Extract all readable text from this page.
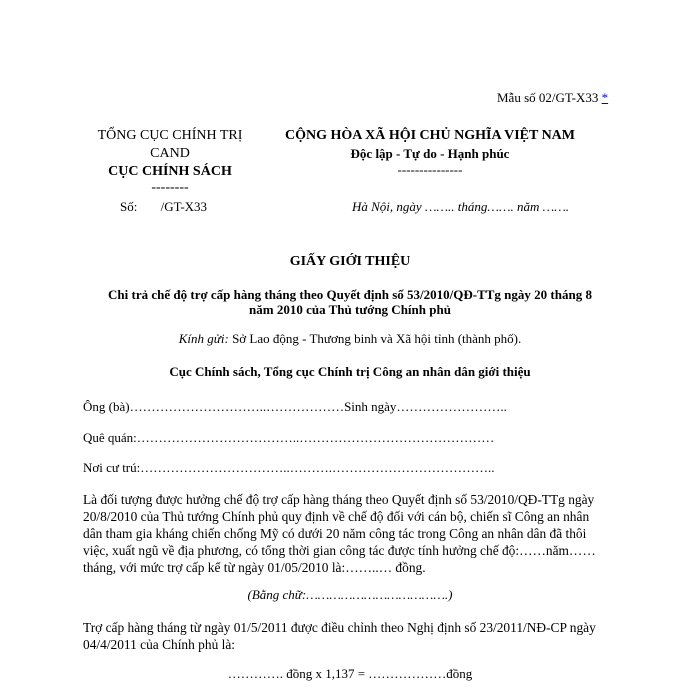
Mẫu số 02/GT-X33 *
TỔNG CỤC CHÍNH TRỊ
CAND
CỤC CHÍNH SÁCH
--------
CỘNG HÒA XÃ HỘI CHỦ NGHĨA VIỆT NAM
Độc lập - Tự do - Hạnh phúc
---------------
Số: /GT-X33	Hà Nội, ngày …….. tháng……. năm …….
GIẤY GIỚI THIỆU
Chi trả chế độ trợ cấp hàng tháng theo Quyết định số 53/2010/QĐ-TTg ngày 20 tháng 8
năm 2010 của Thủ tướng Chính phủ
Kính gửi: Sở Lao động - Thương binh và Xã hội tỉnh (thành phố).
Cục Chính sách, Tổng cục Chính trị Công an nhân dân giới thiệu
Ông (bà)…………………………..………………Sinh ngày……………………..
Quê quán:………………………………..………………………………………
Nơi cư trú:……………………………..……….………………………………..
Là đối tượng được hưởng chế độ trợ cấp hàng tháng theo Quyết định số 53/2010/QĐ-TTg ngày
20/8/2010 của Thủ tướng Chính phủ quy định về chế độ đối với cán bộ, chiến sĩ Công an nhân
dân tham gia kháng chiến chống Mỹ có dưới 20 năm công tác trong Công an nhân dân đã thôi
việc, xuất ngũ về địa phương, có tổng thời gian công tác được tính hưởng chế độ:……năm……
tháng, với mức trợ cấp kể từ ngày 01/05/2010 là:……..… đồng.
(Bằng chữ:……………………………….)
Trợ cấp hàng tháng từ ngày 01/5/2011 được điều chỉnh theo Nghị định số 23/2011/NĐ-CP ngày
04/4/2011 của Chính phủ là:
…………. đồng x 1,137 = ………………đồng
